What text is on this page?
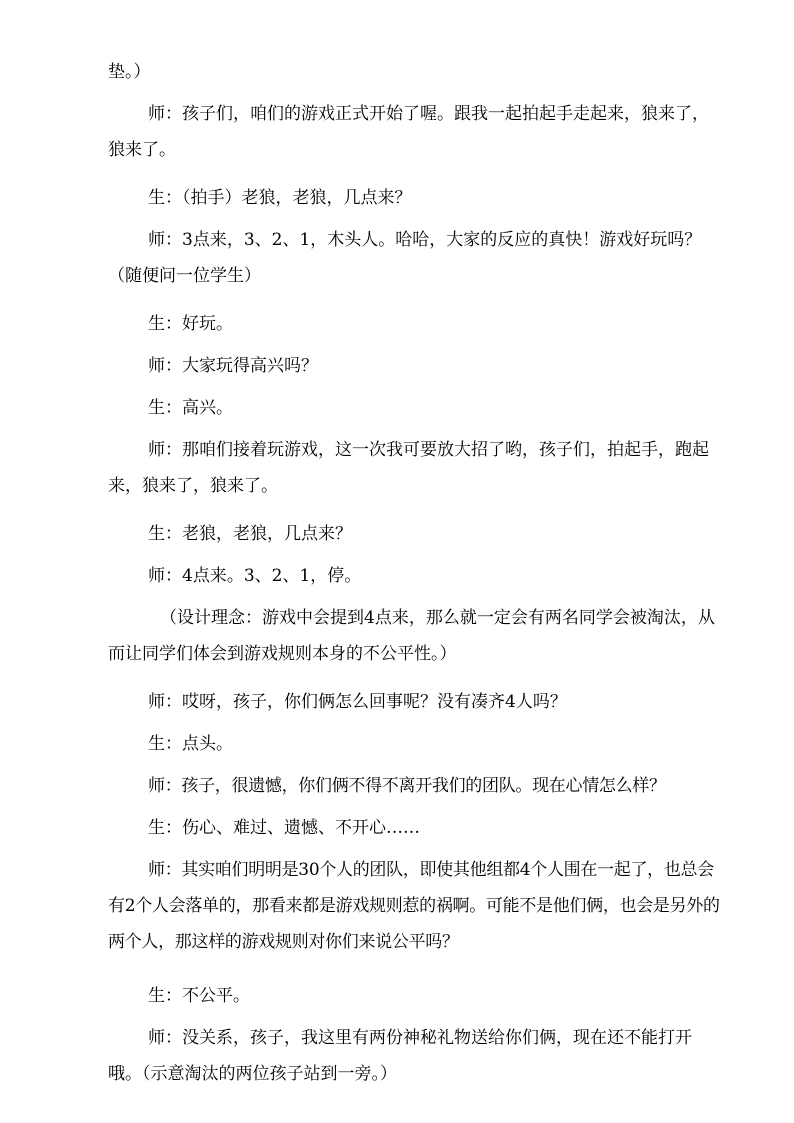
垫。）

师：孩子们，咱们的游戏正式开始了喔。跟我一起拍起手走起来，狼来了，狼来了。

生：（拍手）老狼，老狼，几点来？

师：3点来，3、2、1，木头人。哈哈，大家的反应的真快！游戏好玩吗？（随便问一位学生）

生：好玩。

师：大家玩得高兴吗？

生：高兴。

师：那咱们接着玩游戏，这一次我可要放大招了哟，孩子们，拍起手，跑起来，狼来了，狼来了。

生：老狼，老狼，几点来？

师：4点来。3、2、1，停。

（设计理念：游戏中会提到4点来，那么就一定会有两名同学会被淘汰，从而让同学们体会到游戏规则本身的不公平性。）

师：哎呀，孩子，你们俩怎么回事呢？没有凑齐4人吗？

生：点头。

师：孩子，很遗憾，你们俩不得不离开我们的团队。现在心情怎么样？

生：伤心、难过、遗憾、不开心……

师：其实咱们明明是30个人的团队，即使其他组都4个人围在一起了，也总会有2个人会落单的，那看来都是游戏规则惹的祸啊。可能不是他们俩，也会是另外的两个人，那这样的游戏规则对你们来说公平吗？

生：不公平。

师：没关系，孩子，我这里有两份神秘礼物送给你们俩，现在还不能打开哦。（示意淘汰的两位孩子站到一旁。）
